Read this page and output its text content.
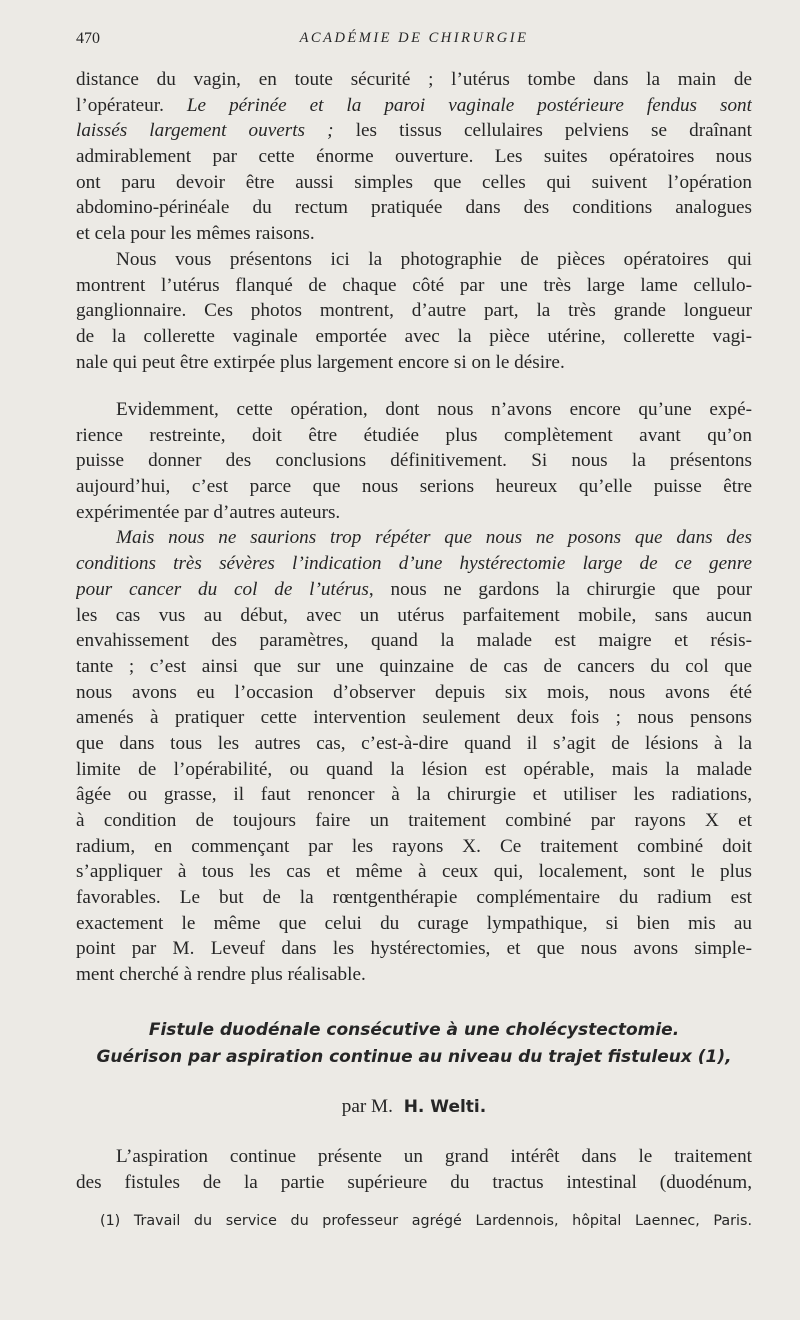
470	ACADÉMIE DE CHIRURGIE
distance du vagin, en toute sécurité ; l’utérus tombe dans la main de
l’opérateur. Le périnée et la paroi vaginale postérieure fendus sont
laissés largement ouverts ; les tissus cellulaires pelviens se draînant
admirablement par cette énorme ouverture. Les suites opératoires nous
ont paru devoir être aussi simples que celles qui suivent l’opération
abdomino-périnéale du rectum pratiquée dans des conditions analogues
et cela pour les mêmes raisons.
Nous vous présentons ici la photographie de pièces opératoires qui
montrent l’utérus flanqué de chaque côté par une très large lame cellulo-
ganglionnaire. Ces photos montrent, d’autre part, la très grande longueur
de la collerette vaginale emportée avec la pièce utérine, collerette vagi-
nale qui peut être extirpée plus largement encore si on le désire.
Evidemment, cette opération, dont nous n’avons encore qu’une expé-
rience restreinte, doit être étudiée plus complètement avant qu’on
puisse donner des conclusions définitivement. Si nous la présentons
aujourd’hui, c’est parce que nous serions heureux qu’elle puisse être
expérimentée par d’autres auteurs.
Mais nous ne saurions trop répéter que nous ne posons que dans des
conditions très sévères l’indication d’une hystérectomie large de ce genre
pour cancer du col de l’utérus, nous ne gardons la chirurgie que pour
les cas vus au début, avec un utérus parfaitement mobile, sans aucun
envahissement des paramètres, quand la malade est maigre et résis-
tante ; c’est ainsi que sur une quinzaine de cas de cancers du col que
nous avons eu l’occasion d’observer depuis six mois, nous avons été
amenés à pratiquer cette intervention seulement deux fois ; nous pensons
que dans tous les autres cas, c’est-à-dire quand il s’agit de lésions à la
limite de l’opérabilité, ou quand la lésion est opérable, mais la malade
âgée ou grasse, il faut renoncer à la chirurgie et utiliser les radiations,
à condition de toujours faire un traitement combiné par rayons X et
radium, en commençant par les rayons X. Ce traitement combiné doit
s’appliquer à tous les cas et même à ceux qui, localement, sont le plus
favorables. Le but de la rœntgenthérapie complémentaire du radium est
exactement le même que celui du curage lympathique, si bien mis au
point par M. Leveuf dans les hystérectomies, et que nous avons simple-
ment cherché à rendre plus réalisable.
Fistule duodénale consécutive à une cholécystectomie.
Guérison par aspiration continue au niveau du trajet fistuleux (1),
par M. H. Welti.
L’aspiration continue présente un grand intérêt dans le traitement
des fistules de la partie supérieure du tractus intestinal (duodénum,
(1) Travail du service du professeur agrégé Lardennois, hôpital Laennec, Paris.
